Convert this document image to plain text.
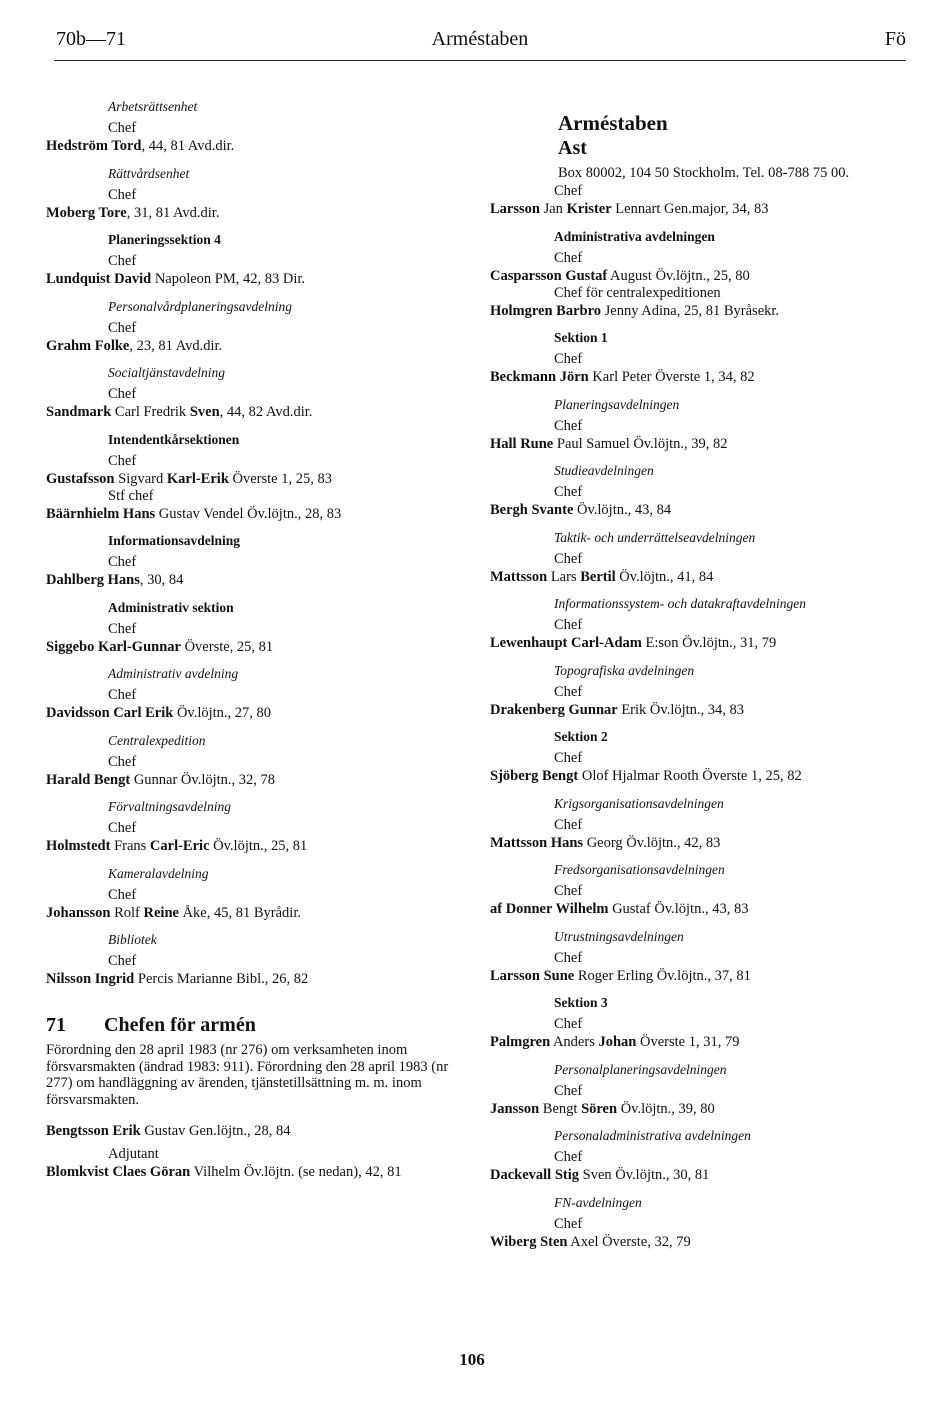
70b—71	Arméstaben	Fö
Arbetsrättsenhet
Chef
Hedström Tord, 44, 81 Avd.dir.
Rättvårdsenhet
Chef
Moberg Tore, 31, 81 Avd.dir.
Planeringssektion 4
Chef
Lundquist David Napoleon PM, 42, 83 Dir.
Personalvårdplaneringsavdelning
Chef
Grahm Folke, 23, 81 Avd.dir.
Socialtjänstavdelning
Chef
Sandmark Carl Fredrik Sven, 44, 82 Avd.dir.
Intendentkårsektionen
Chef
Gustafsson Sigvard Karl-Erik Överste 1, 25, 83
Stf chef
Bäärnhielm Hans Gustav Vendel Öv.löjtn., 28, 83
Informationsavdelning
Chef
Dahlberg Hans, 30, 84
Administrativ sektion
Chef
Siggebo Karl-Gunnar Överste, 25, 81
Administrativ avdelning
Chef
Davidsson Carl Erik Öv.löjtn., 27, 80
Centralexpedition
Chef
Harald Bengt Gunnar Öv.löjtn., 32, 78
Förvaltningsavdelning
Chef
Holmstedt Frans Carl-Eric Öv.löjtn., 25, 81
Kameralavdelning
Chef
Johansson Rolf Reine Åke, 45, 81 Byrådir.
Bibliotek
Chef
Nilsson Ingrid Percis Marianne Bibl., 26, 82
71 Chefen för armén
Förordning den 28 april 1983 (nr 276) om verksamheten inom försvarsmakten (ändrad 1983: 911). Förordning den 28 april 1983 (nr 277) om handläggning av ärenden, tjänstetillsättning m. m. inom försvarsmakten.
Bengtsson Erik Gustav Gen.löjtn., 28, 84
Adjutant
Blomkvist Claes Göran Vilhelm Öv.löjtn. (se nedan), 42, 81
Arméstaben
Ast
Box 80002, 104 50 Stockholm. Tel. 08-788 75 00.
Chef
Larsson Jan Krister Lennart Gen.major, 34, 83
Administrativa avdelningen
Chef
Casparsson Gustaf August Öv.löjtn., 25, 80
Chef för centralexpeditionen
Holmgren Barbro Jenny Adina, 25, 81 Byråsekr.
Sektion 1
Chef
Beckmann Jörn Karl Peter Överste 1, 34, 82
Planeringsavdelningen
Chef
Hall Rune Paul Samuel Öv.löjtn., 39, 82
Studieavdelningen
Chef
Bergh Svante Öv.löjtn., 43, 84
Taktik- och underrättelseavdelningen
Chef
Mattsson Lars Bertil Öv.löjtn., 41, 84
Informationssystem- och datakraftavdelningen
Chef
Lewenhaupt Carl-Adam E:son Öv.löjtn., 31, 79
Topografiska avdelningen
Chef
Drakenberg Gunnar Erik Öv.löjtn., 34, 83
Sektion 2
Chef
Sjöberg Bengt Olof Hjalmar Rooth Överste 1, 25, 82
Krigsorganisationsavdelningen
Chef
Mattsson Hans Georg Öv.löjtn., 42, 83
Fredsorganisationsavdelningen
Chef
af Donner Wilhelm Gustaf Öv.löjtn., 43, 83
Utrustningsavdelningen
Chef
Larsson Sune Roger Erling Öv.löjtn., 37, 81
Sektion 3
Chef
Palmgren Anders Johan Överste 1, 31, 79
Personalplaneringsavdelningen
Chef
Jansson Bengt Sören Öv.löjtn., 39, 80
Personaladministrativa avdelningen
Chef
Dackevall Stig Sven Öv.löjtn., 30, 81
FN-avdelningen
Chef
Wiberg Sten Axel Överste, 32, 79
106
